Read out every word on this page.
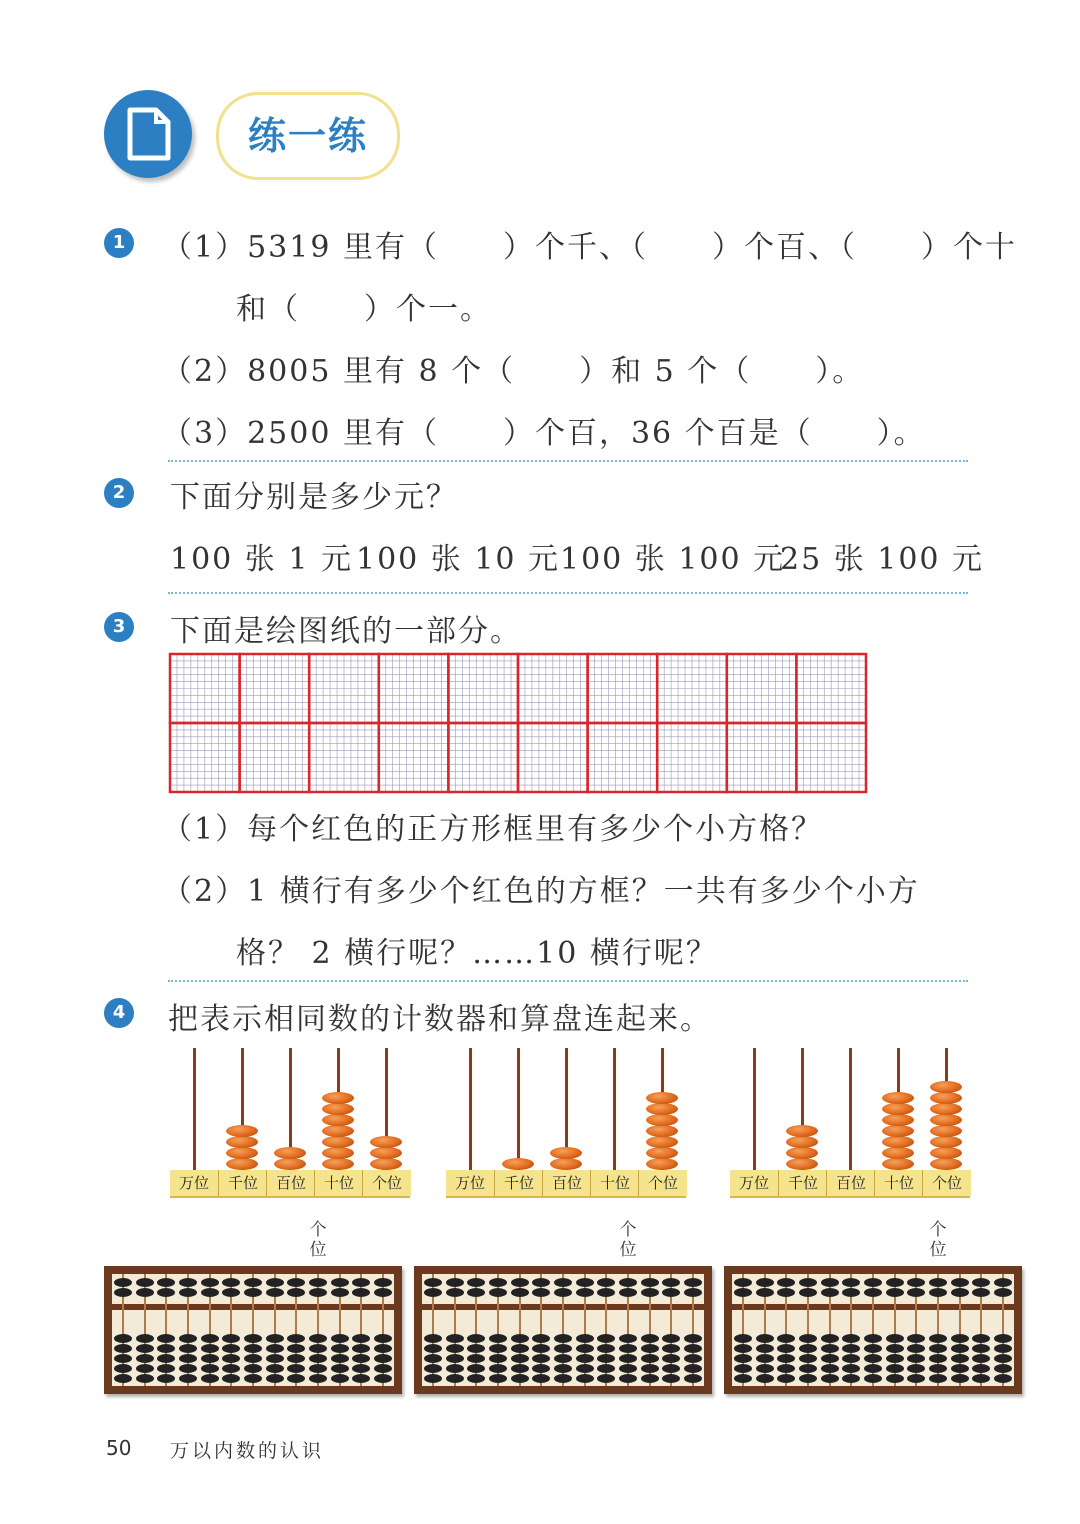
练一练
1 （1）5319 里有（　　）个千、（　　）个百、（　　）个十
和（　　）个一。
（2）8005 里有 8 个（　　）和 5 个（　　）。
（3）2500 里有（　　）个百，36 个百是（　　）。
2 下面分别是多少元？
100 张 1 元 100 张 10 元 100 张 100 元
25 张 100 元
3 下面是绘图纸的一部分。
（1）每个红色的正方形框里有多少个小方格？
（2）1 横行有多少个红色的方框？一共有多少个小方
格？ 2 横行呢？……10 横行呢？
4 把表示相同数的计数器和算盘连起来。
万位	千位	百位	十位	个位	万位	千位	百位	十位	个位	万位	千位	百位	十位	个位
个位
个位
个位
50 万以内数的认识
